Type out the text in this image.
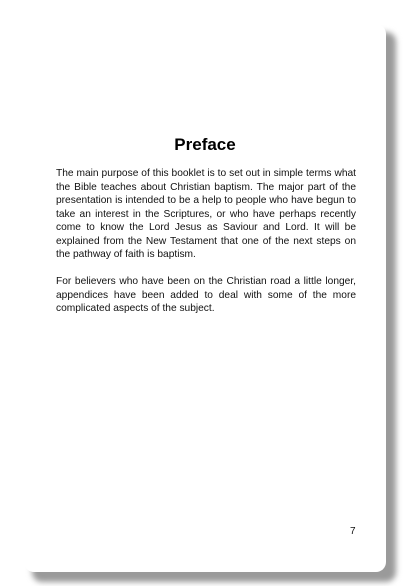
Preface

The main purpose of this booklet is to set out in simple terms what the Bible teaches about Christian baptism. The major part of the presentation is intended to be a help to people who have begun to take an interest in the Scriptures, or who have perhaps recently come to know the Lord Jesus as Saviour and Lord. It will be explained from the New Testament that one of the next steps on the pathway of faith is baptism.

For believers who have been on the Christian road a little longer, appendices have been added to deal with some of the more complicated aspects of the subject.

7
